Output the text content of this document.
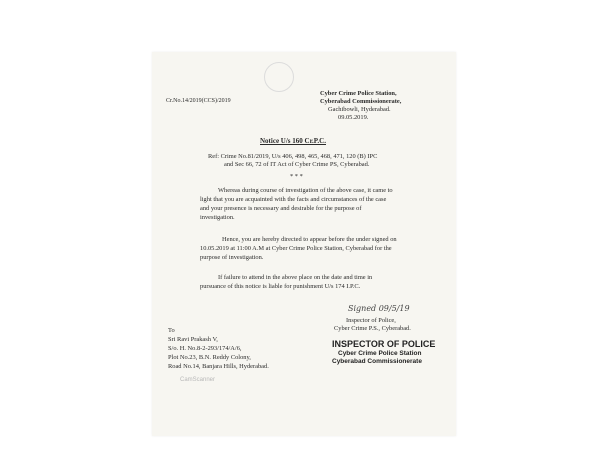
Cr.No.14/2019(CCS)/2019
Cyber Crime Police Station,
Cyberabad Commissionerate,
Gachibowli, Hyderabad.
09.05.2019.
Notice U/s 160 Cr.P.C.
Ref: Crime No.81/2019, U/s 406, 498, 465, 468, 471, 120 (B) IPC
and Sec 66, 72 of IT Act of Cyber Crime PS, Cyberabad.
* * *
Whereas during course of investigation of the above case, it came to
light that you are acquainted with the facts and circumstances of the case
and your presence is necessary and desirable for the purpose of
investigation.
Hence, you are hereby directed to appear before the under signed on
10.05.2019 at 11:00 A.M at Cyber Crime Police Station, Cyberabad for the
purpose of investigation.
If failure to attend in the above place on the date and time in
pursuance of this notice is liable for punishment U/s 174 I.P.C.
Signed 09/5/19
Inspector of Police,
Cyber Crime P.S., Cyberabad.
INSPECTOR OF POLICE
Cyber Crime Police Station
Cyberabad Commissionerate
To
Sri Ravi Prakash V,
S/o. H. No.8-2-293/174/A/6,
Plot No.23, B.N. Reddy Colony,
Road No.14, Banjara Hills, Hyderabad.
CamScanner
